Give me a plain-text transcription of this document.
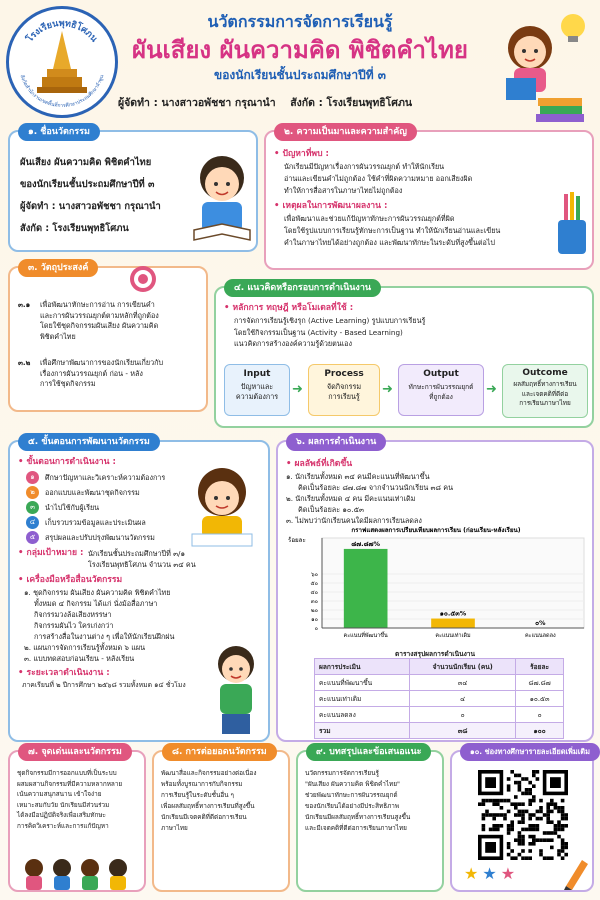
โรงเรียนพุทธิโศภน
สังกัดสำนักงานเขตพื้นที่การศึกษาประถมศึกษาลำพูน
นวัตกรรมการจัดการเรียนรู้
ผันเสียง ผันความคิด พิชิตคำไทย
ของนักเรียนชั้นประถมศึกษาปีที่ ๓
ผู้จัดทำ : นางสาวอพัชชา กรุณานำ สังกัด : โรงเรียนพุทธิโศภน
๑. ชื่อนวัตกรรม
ผันเสียง ผันความคิด พิชิตคำไทย
ของนักเรียนชั้นประถมศึกษาปีที่ ๓
ผู้จัดทำ : นางสาวอพัชชา กรุณานำ
สังกัด : โรงเรียนพุทธิโศภน
๒. ความเป็นมาและความสำคัญ
• ปัญหาที่พบ :
นักเรียนมีปัญหาเรื่องการผันวรรณยุกต์ ทำให้นักเรียน
อ่านและเขียนคำไม่ถูกต้อง ใช้คำที่ผิดความหมาย ออกเสียงผิด
ทำให้การสื่อสารในภาษาไทยไม่ถูกต้อง
• เหตุผลในการพัฒนาผลงาน :
เพื่อพัฒนาและช่วยแก้ปัญหาทักษะการผันวรรณยุกต์ที่ผิด
โดยใช้รูปแบบการเรียนรู้ทักษะการเป็นฐาน ทำให้นักเรียนอ่านและเขียน
คำในภาษาไทยได้อย่างถูกต้อง และพัฒนาทักษะในระดับที่สูงขึ้นต่อไป
๓. วัตถุประสงค์
๓.๑	เพื่อพัฒนาทักษะการอ่าน การเขียนคำ
และการผันวรรณยุกต์ตามหลักที่ถูกต้อง
โดยใช้ชุดกิจกรรมผันเสียง ผันความคิด
พิชิตคำไทย
๓.๒	เพื่อศึกษาพัฒนาการของนักเรียนเกี่ยวกับ
เรื่องการผันวรรณยุกต์ ก่อน - หลัง
การใช้ชุดกิจกรรม
๔. แนวคิดหรือกรอบการดำเนินงาน
• หลักการ ทฤษฎี หรือโมเดลที่ใช้ :
การจัดการเรียนรู้เชิงรุก (Active Learning) รูปแบบการเรียนรู้
โดยใช้กิจกรรมเป็นฐาน (Activity - Based Learning)
แนวคิดการสร้างองค์ความรู้ด้วยตนเอง
Input
ปัญหาและ
ความต้องการ	➜
Process
จัดกิจกรรม
การเรียนรู้	➜
Output
ทักษะการผันวรรณยุกต์
ที่ถูกต้อง	➜
Outcome
ผลสัมฤทธิ์ทางการเรียน
และเจตคติที่ดีต่อ
การเรียนภาษาไทย
๕. ขั้นตอนการพัฒนานวัตกรรม
• ขั้นตอนการดำเนินงาน :
๑	ศึกษาปัญหาและวิเคราะห์ความต้องการ
๒	ออกแบบและพัฒนาชุดกิจกรรม
๓	นำไปใช้กับผู้เรียน
๔	เก็บรวบรวมข้อมูลและประเมินผล
๕	สรุปผลและปรับปรุงพัฒนานวัตกรรม
• กลุ่มเป้าหมาย : นักเรียนชั้นประถมศึกษาปีที่ ๓/๑
โรงเรียนพุทธิโศภน จำนวน ๓๔ คน
• เครื่องมือหรือสื่อนวัตกรรม
๑. ชุดกิจกรรม ผันเสียง ผันความคิด พิชิตคำไทย
ทั้งหมด ๔ กิจกรรม ได้แก่ นั่งม้อสื่อภาษา
กิจกรรมวงล้อเสียงหรรษา
กิจกรรมผันไว ใครเก่งกว่า
การสร้างสื่อในงานต่าง ๆ เพื่อให้นักเรียนฝึกฝน
๒. แผนการจัดการเรียนรู้ทั้งหมด ๖ แผน
๓. แบบทดสอบก่อนเรียน - หลังเรียน
• ระยะเวลาดำเนินงาน :
ภาคเรียนที่ ๒ ปีการศึกษา ๒๕๖๘ รวมทั้งหมด ๑๔ ชั่วโมง
๖. ผลการดำเนินงาน
• ผลลัพธ์ที่เกิดขึ้น
๑. นักเรียนทั้งหมด ๓๔ คนมีคะแนนที่พัฒนาขึ้น
คิดเป็นร้อยละ ๘๗.๘๗ จากจำนวนนักเรียน ๓๘ คน
๒. นักเรียนทั้งหมด ๔ คน มีคะแนนเท่าเดิม
คิดเป็นร้อยละ ๑๐.๕๓
๓. ไม่พบว่านักเรียนคนใดมีผลการเรียนลดลง
กราฟแสดงผลการเปรียบเทียบผลการเรียน (ก่อนเรียน-หลังเรียน)
ร้อยละ
๐
๑๐
๒๐
๓๐
๔๐
๕๐
๖๐
๘๗.๘๗%
คะแนนที่พัฒนาขึ้น
๑๐.๕๓%
คะแนนเท่าเดิม
๐%
คะแนนลดลง
ตารางสรุปผลการดำเนินงาน
ผลการประเมิน	จำนวนนักเรียน (คน)	ร้อยละ
คะแนนที่พัฒนาขึ้น	๓๔	๘๗.๘๗
คะแนนเท่าเดิม	๔	๑๐.๕๓
คะแนนลดลง	๐	๐
รวม	๓๘	๑๐๐
๗. จุดเด่นและนวัตกรรม
ชุดกิจกรรมมีการออกแบบที่เป็นระบบ
ผสมผสานกิจกรรมที่มีความหลากหลาย
เน้นความสนุกสนาน เข้าใจง่าย
เหมาะสมกับวัย นักเรียนมีส่วนร่วม
ได้ลงมือปฏิบัติจริงเพื่อเสริมทักษะ
การคิดวิเคราะห์และการแก้ปัญหา
๘. การต่อยอดนวัตกรรม
พัฒนาสื่อและกิจกรรมอย่างต่อเนื่อง
พร้อมทั้งบูรณาการกับกิจกรรม
การเรียนรู้ในระดับชั้นอื่น ๆ
เพื่อผลสัมฤทธิ์ทางการเรียนที่สูงขึ้น
นักเรียนมีเจตคติที่ดีต่อการเรียน
ภาษาไทย
๙. บทสรุปและข้อเสนอแนะ
นวัตกรรมการจัดการเรียนรู้
"ผันเสียง ผันความคิด พิชิตคำไทย"
ช่วยพัฒนาทักษะการผันวรรณยุกต์
ของนักเรียนได้อย่างมีประสิทธิภาพ
นักเรียนมีผลสัมฤทธิ์ทางการเรียนสูงขึ้น
และมีเจตคติที่ดีต่อการเรียนภาษาไทย
๑๐. ช่องทางศึกษารายละเอียดเพิ่มเติม
★★★
